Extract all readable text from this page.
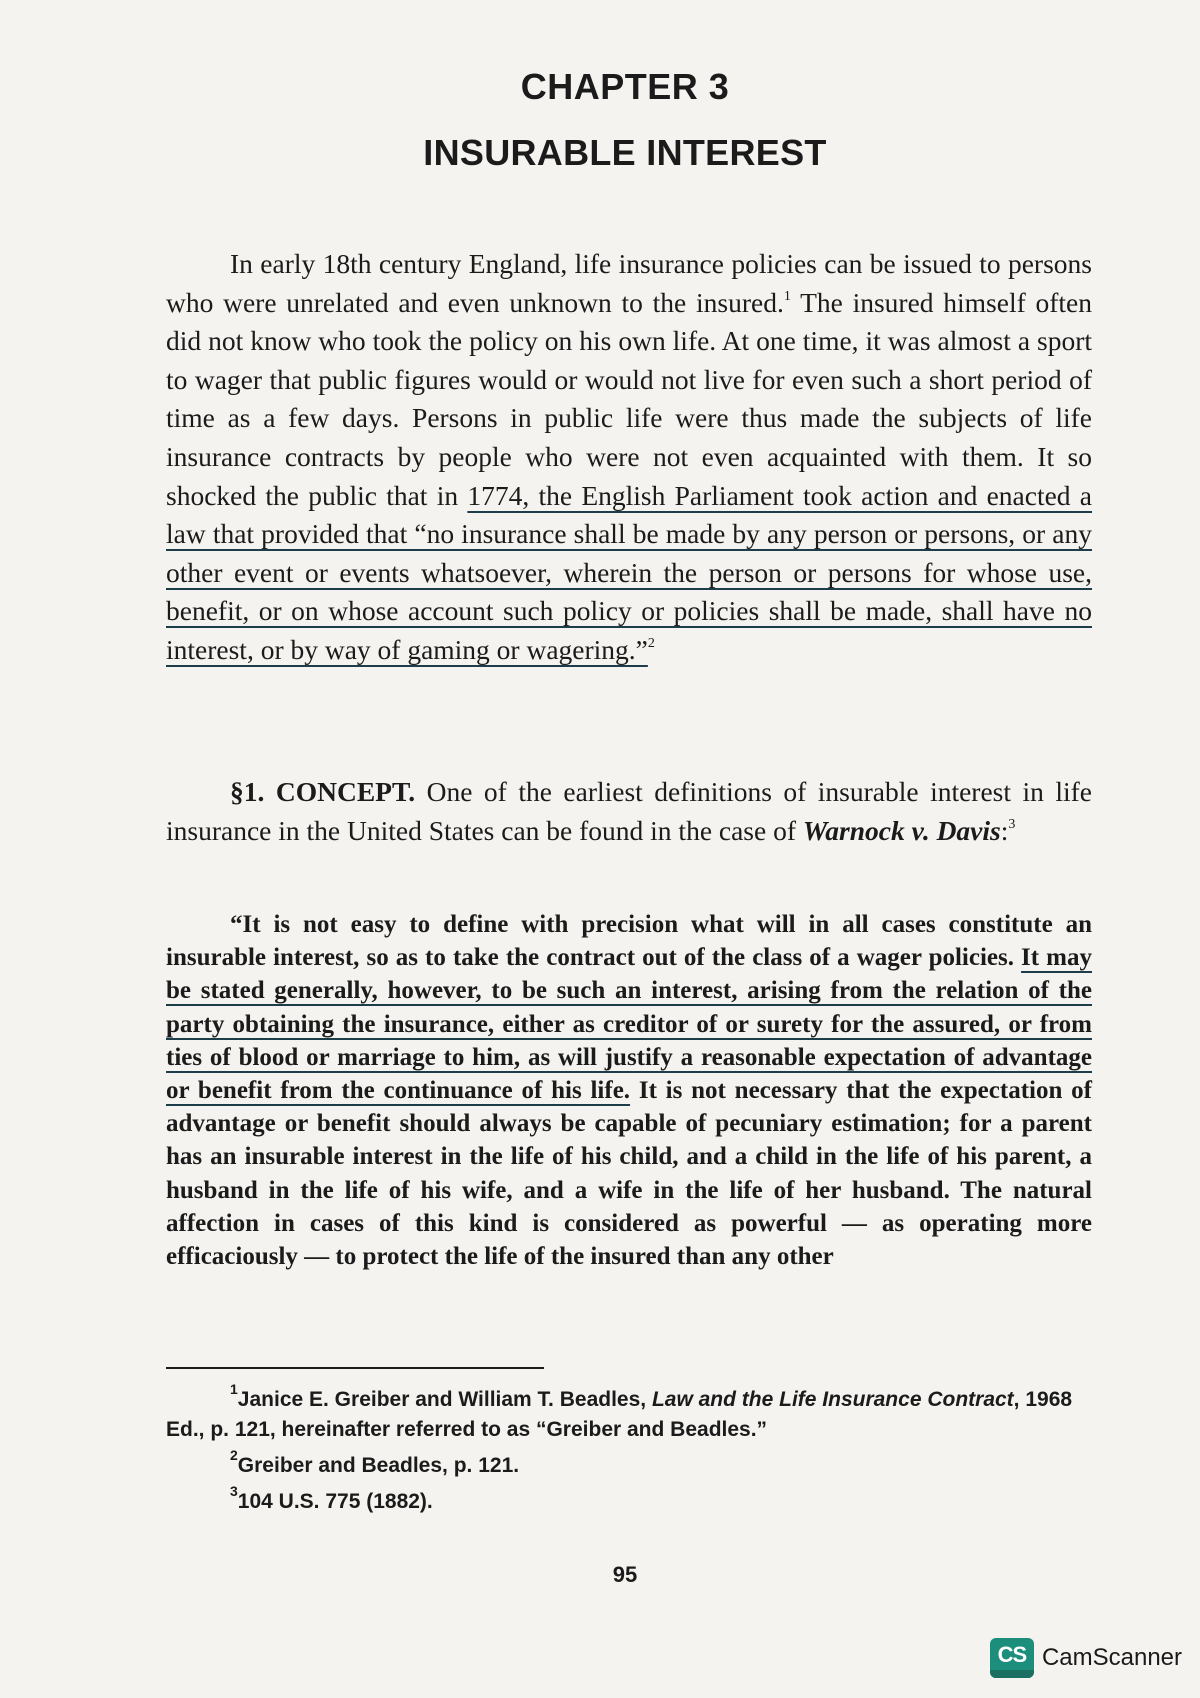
CHAPTER 3
INSURABLE INTEREST

In early 18th century England, life insurance policies can be issued to persons who were unrelated and even unknown to the insured.$^1$ The insured himself often did not know who took the policy on his own life. At one time, it was almost a sport to wager that public figures would or would not live for even such a short period of time as a few days. Persons in public life were thus made the subjects of life insurance contracts by people who were not even acquainted with them. It so shocked the public that in 1774, the English Parliament took action and enacted a law that provided that “no insurance shall be made by any person or persons, or any other event or events whatsoever, wherein the person or persons for whose use, benefit, or on whose account such policy or policies shall be made, shall have no interest, or by way of gaming or wagering.”$^2$

§1. CONCEPT. One of the earliest definitions of insurable interest in life insurance in the United States can be found in the case of Warnock v. Davis:$^3$

“It is not easy to define with precision what will in all cases constitute an insurable interest, so as to take the contract out of the class of a wager policies. It may be stated generally, however, to be such an interest, arising from the relation of the party obtaining the insurance, either as creditor of or surety for the assured, or from ties of blood or marriage to him, as will justify a reasonable expectation of advantage or benefit from the continuance of his life. It is not necessary that the expectation of advantage or benefit should always be capable of pecuniary estimation; for a parent has an insurable interest in the life of his child, and a child in the life of his parent, a husband in the life of his wife, and a wife in the life of her husband. The natural affection in cases of this kind is considered as powerful — as operating more efficaciously — to protect the life of the insured than any other

$^1$Janice E. Greiber and William T. Beadles, Law and the Life Insurance Contract, 1968 Ed., p. 121, hereinafter referred to as “Greiber and Beadles.”

$^2$Greiber and Beadles, p. 121.

$^3$104 U.S. 775 (1882).

95

CS CamScanner
